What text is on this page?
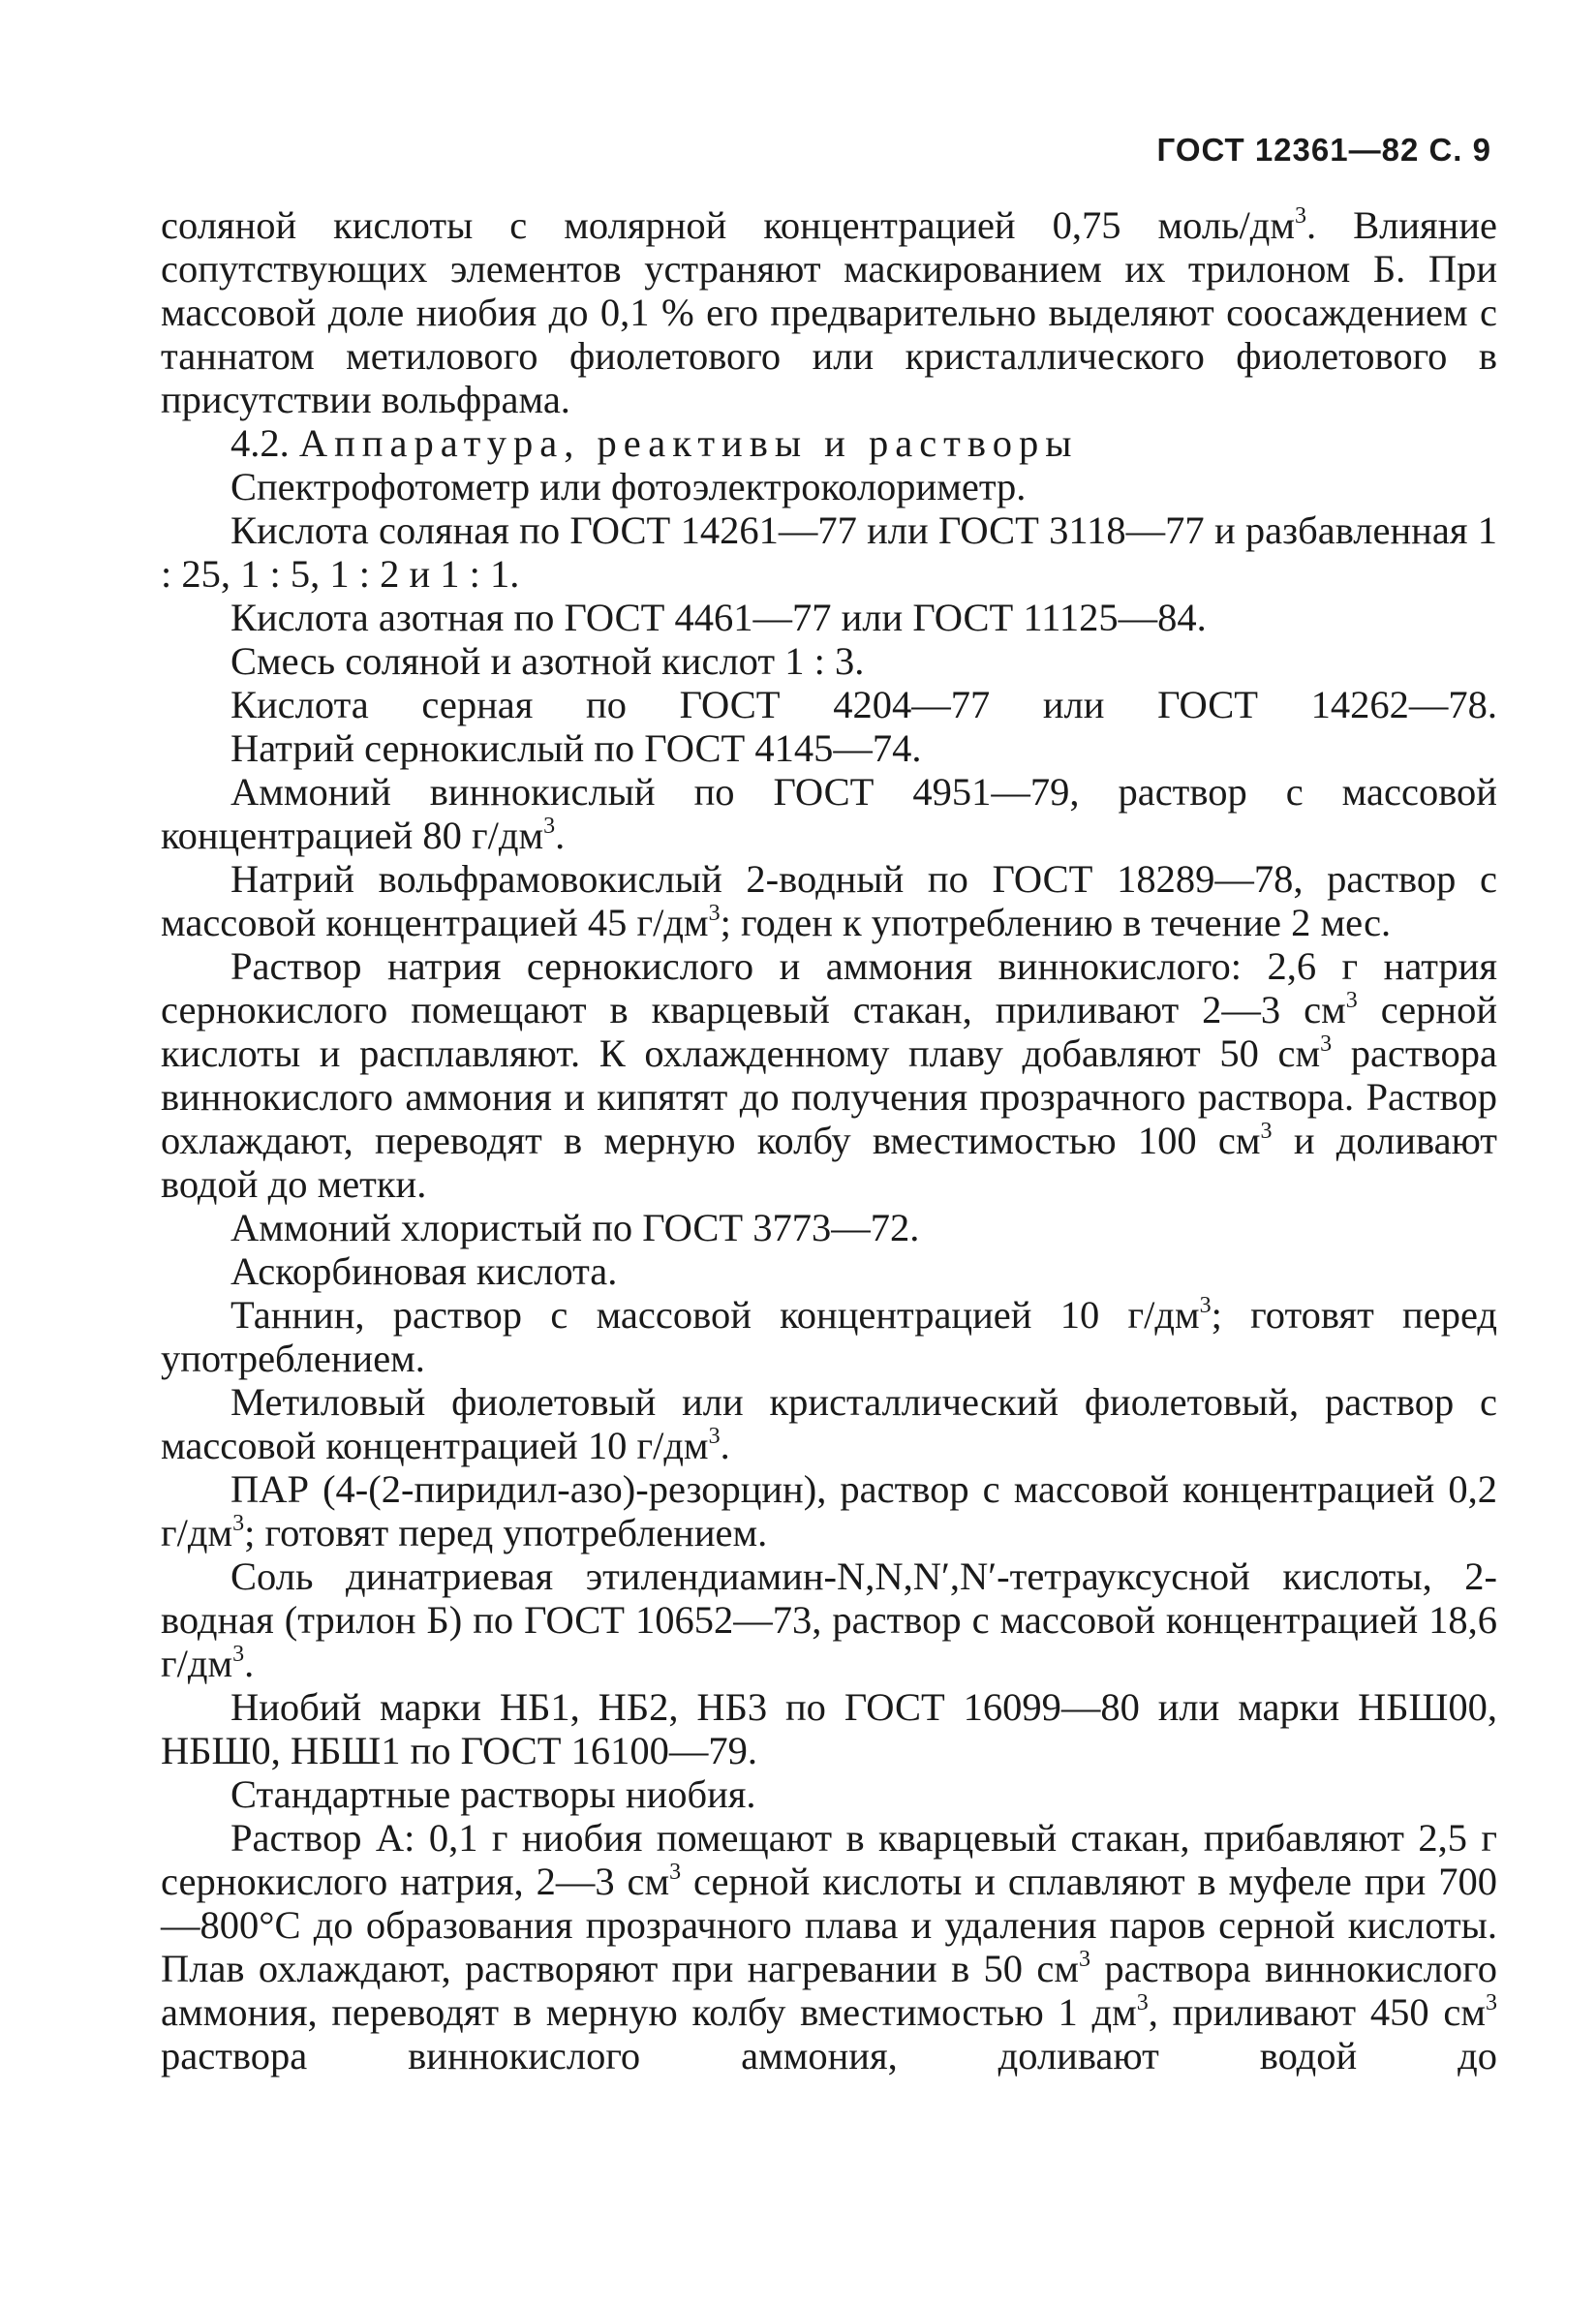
ГОСТ 12361—82 С. 9

соляной кислоты с молярной концентрацией 0,75 моль/$дм^3$. Влияние сопутствующих элементов устраняют маскированием их трилоном Б. При массовой доле ниобия до 0,1 % его предварительно выделяют соосаждением с таннатом метилового фиолетового или кристаллического фиолетового в присутствии вольфрама.

4.2. Аппаратура, реактивы и растворы

Спектрофотометр или фотоэлектроколориметр.

Кислота соляная по ГОСТ 14261—77 или ГОСТ 3118—77 и разбавленная 1 : 25, 1 : 5, 1 : 2 и 1 : 1.

Кислота азотная по ГОСТ 4461—77 или ГОСТ 11125—84.

Смесь соляной и азотной кислот 1 : 3.

Кислота серная по ГОСТ 4204—77 или ГОСТ 14262—78.

Натрий сернокислый по ГОСТ 4145—74.

Аммоний виннокислый по ГОСТ 4951—79, раствор с массовой концентрацией 80 $г/дм^3$.

Натрий вольфрамовокислый 2-водный по ГОСТ 18289—78, раствор с массовой концентрацией 45 $г/дм^3$; годен к употреблению в течение 2 мес.

Раствор натрия сернокислого и аммония виннокислого: 2,6 г натрия сернокислого помещают в кварцевый стакан, приливают 2—3 $см^3$ серной кислоты и расплавляют. К охлажденному плаву добавляют 50 $см^3$ раствора виннокислого аммония и кипятят до получения прозрачного раствора. Раствор охлаждают, переводят в мерную колбу вместимостью 100 $см^3$ и доливают водой до метки.

Аммоний хлористый по ГОСТ 3773—72.

Аскорбиновая кислота.

Таннин, раствор с массовой концентрацией 10 $г/дм^3$; готовят перед употреблением.

Метиловый фиолетовый или кристаллический фиолетовый, раствор с массовой концентрацией 10 $г/дм^3$.

ПАР (4-(2-пиридил-азо)-резорцин), раствор с массовой концентрацией 0,2 $г/дм^3$; готовят перед употреблением.

Соль динатриевая этилендиамин-N,N,N′,N′-тетрауксусной кислоты, 2-водная (трилон Б) по ГОСТ 10652—73, раствор с массовой концентрацией 18,6 $г/дм^3$.

Ниобий марки НБ1, НБ2, НБ3 по ГОСТ 16099—80 или марки НБШ00, НБШ0, НБШ1 по ГОСТ 16100—79.

Стандартные растворы ниобия.

Раствор А: 0,1 г ниобия помещают в кварцевый стакан, прибавляют 2,5 г сернокислого натрия, 2—3 $см^3$ серной кислоты и сплавляют в муфеле при 700—800°С до образования прозрачного плава и удаления паров серной кислоты. Плав охлаждают, растворяют при нагревании в 50 $см^3$ раствора виннокислого аммония, переводят в мерную колбу вместимостью 1 $дм^3$, приливают 450 $см^3$ раствора виннокислого аммония, доливают водой до
